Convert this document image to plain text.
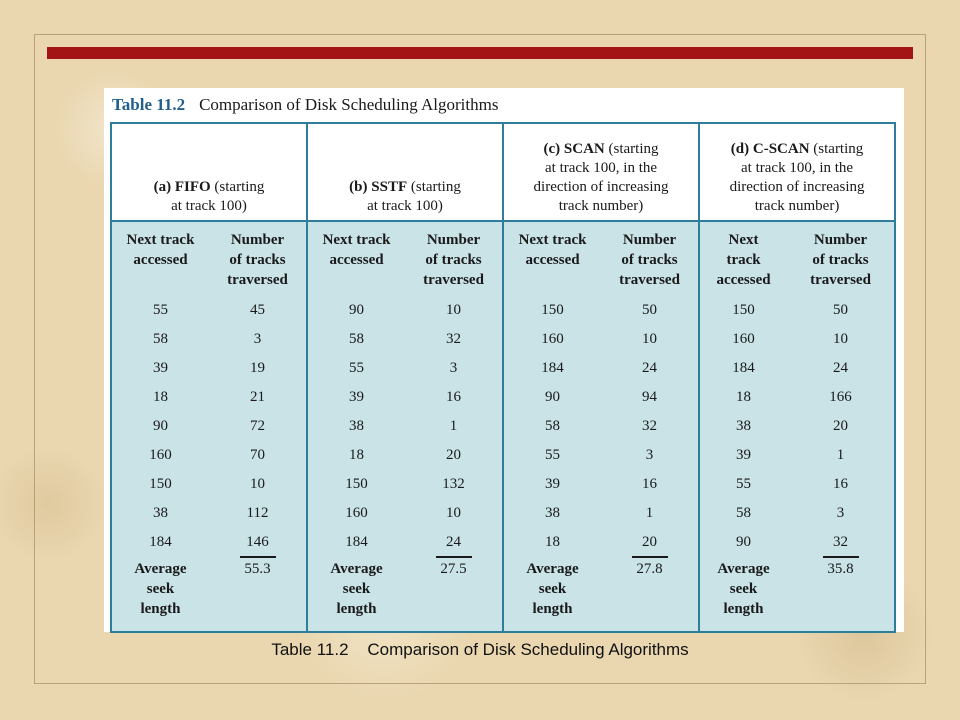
Table 11.2 Comparison of Disk Scheduling Algorithms
(a) FIFO (starting
at track 100)		(b) SSTF (starting
at track 100)		(c) SCAN (starting
at track 100, in the
direction of increasing
track number)		(d) C-SCAN (starting
at track 100, in the
direction of increasing
track number)	
Next track
accessed	Number
of tracks
traversed	Next track
accessed	Number
of tracks
traversed	Next track
accessed	Number
of tracks
traversed	Next
track
accessed	Number
of tracks
traversed
55	45	90	10	150	50	150	50
58	3	58	32	160	10	160	10
39	19	55	3	184	24	184	24
18	21	39	16	90	94	18	166
90	72	38	1	58	32	38	20
160	70	18	20	55	3	39	1
150	10	150	132	39	16	55	16
38	112	160	10	38	1	58	3
184	146	184	24	18	20	90	32
Average
seek
length	55.3	Average
seek
length	27.5	Average
seek
length	27.8	Average
seek
length	35.8
Table 11.2    Comparison of Disk Scheduling Algorithms
